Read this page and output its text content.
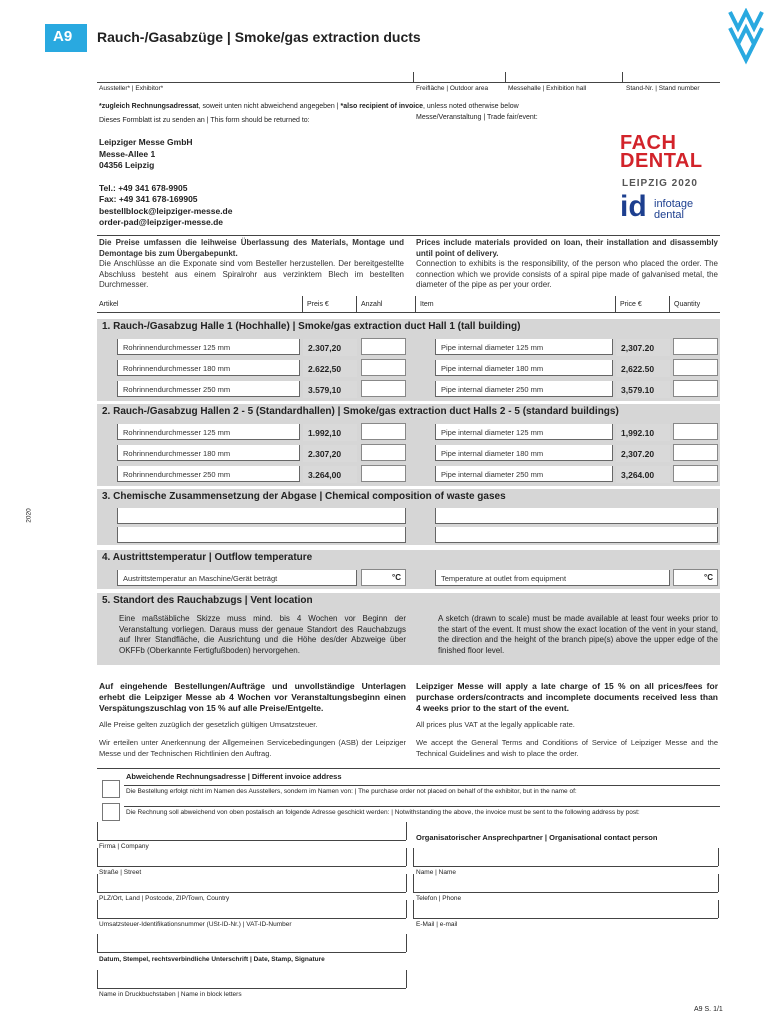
A9	Rauch-/Gasabzüge | Smoke/gas extraction ducts
Aussteller* | Exhibitor*	Freifläche | Outdoor area	Messehalle | Exhibition hall	Stand-Nr. | Stand number
*zugleich Rechnungsadressat, soweit unten nicht abweichend angegeben | *also recipient of invoice, unless noted otherwise below
Dieses Formblatt ist zu senden an | This form should be returned to:	Messe/Veranstaltung | Trade fair/event:
Leipziger Messe GmbH
Messe-Allee 1
04356 Leipzig
Tel.: +49 341 678-9905
Fax: +49 341 678-169905
bestellblock@leipziger-messe.de
order-pad@leipziger-messe.de
FACH
DENTAL
LEIPZIG 2020
id infotage
dental
Die Preise umfassen die leihweise Überlassung des Materials, Montage und Demontage bis zum Übergabepunkt.
Die Anschlüsse an die Exponate sind vom Besteller herzustellen. Der bereitgestellte Abschluss besteht aus einem Spiralrohr aus verzinktem Blech im bestellten Durchmesser.
Prices include materials provided on loan, their installation and disassembly until point of delivery.
Connection to exhibits is the responsibility, of the person who placed the order. The connection which we provide consists of a spiral pipe made of galvanised metal, the diameter of the pipe as per your order.
Artikel	Preis €	Anzahl	Item	Price €	Quantity
1. Rauch-/Gasabzug Halle 1 (Hochhalle) | Smoke/gas extraction duct Hall 1 (tall building)
Rohrinnendurchmesser 125 mm	2.307,20	Pipe internal diameter 125 mm	2,307.20
Rohrinnendurchmesser 180 mm	2.622,50	Pipe internal diameter 180 mm	2,622.50
Rohrinnendurchmesser 250 mm	3.579,10	Pipe internal diameter 250 mm	3,579.10
2. Rauch-/Gasabzug Hallen 2 - 5 (Standardhallen) | Smoke/gas extraction duct Halls 2 - 5 (standard buildings)
Rohrinnendurchmesser 125 mm	1.992,10	Pipe internal diameter 125 mm	1,992.10
Rohrinnendurchmesser 180 mm	2.307,20	Pipe internal diameter 180 mm	2,307.20
Rohrinnendurchmesser 250 mm	3.264,00	Pipe internal diameter 250 mm	3,264.00
3. Chemische Zusammensetzung der Abgase | Chemical composition of waste gases
2020
4. Austrittstemperatur | Outflow temperature
Austrittstemperatur an Maschine/Gerät beträgt	°C	Temperature at outlet from equipment	°C
5. Standort des Rauchabzugs | Vent location
Eine maßstäbliche Skizze muss mind. bis 4 Wochen vor Beginn der Veranstaltung vorliegen. Daraus muss der genaue Standort des Rauchabzugs auf Ihrer Standfläche, die Ausrichtung und die Höhe des/der Abzweige über OKFFb (Oberkannte Fertigfußboden) hervorgehen.
A sketch (drawn to scale) must be made available at least four weeks prior to the start of the event. It must show the exact location of the vent in your stand, the direction and the height of the branch pipe(s) above the upper edge of the finished floor level.
Auf eingehende Bestellungen/Aufträge und unvollständige Unterlagen erhebt die Leipziger Messe ab 4 Wochen vor Veranstaltungsbeginn einen Verspätungszuschlag von 15 % auf alle Preise/Entgelte.
Leipziger Messe will apply a late charge of 15 % on all prices/fees for purchase orders/contracts and incomplete documents received less than 4 weeks prior to the start of the event.
Alle Preise gelten zuzüglich der gesetzlich gültigen Umsatzsteuer.	All prices plus VAT at the legally applicable rate.
Wir erteilen unter Anerkennung der Allgemeinen Servicebedingungen (ASB) der Leipziger Messe und der Technischen Richtlinien den Auftrag.
We accept the General Terms and Conditions of Service of Leipziger Messe and the Technical Guidelines and wish to place the order.
Abweichende Rechnungsadresse | Different invoice address
Die Bestellung erfolgt nicht im Namen des Ausstellers, sondern im Namen von: | The purchase order not placed on behalf of the exhibitor, but in the name of:
Die Rechnung soll abweichend von oben postalisch an folgende Adresse geschickt werden: | Notwithstanding the above, the invoice must be sent to the following address by post:
Organisatorischer Ansprechpartner | Organisational contact person
Firma | Company
Straße | Street
PLZ/Ort, Land | Postcode, ZIP/Town, Country
Umsatzsteuer-Identifikationsnummer (USt-ID-Nr.) | VAT-ID-Number
Name | Name
Telefon | Phone
E-Mail | e-mail
Datum, Stempel, rechtsverbindliche Unterschrift | Date, Stamp, Signature
Name in Druckbuchstaben | Name in block letters
A9 S. 1/1
